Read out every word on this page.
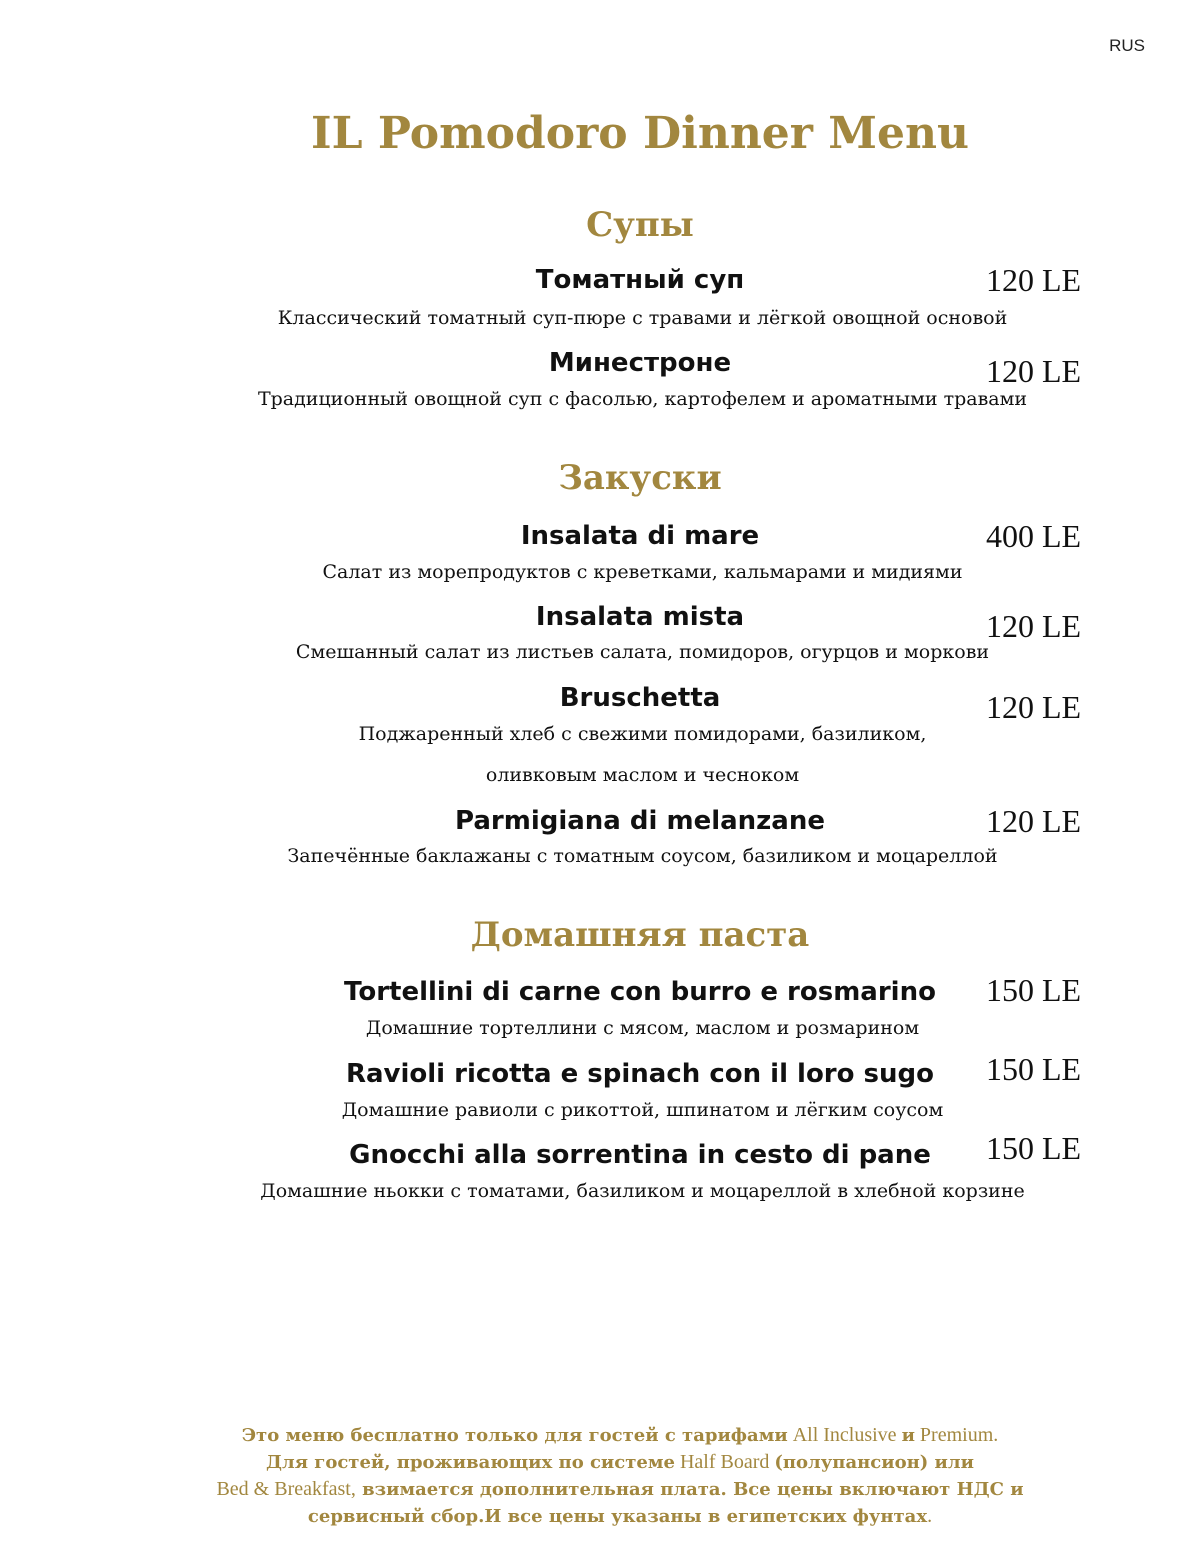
RUS
IL Pomodoro Dinner Menu
Супы
Томатный суп	120 LE
Классический томатный суп-пюре с травами и лёгкой овощной основой
Минестроне	120 LE
Традиционный овощной суп с фасолью, картофелем и ароматными травами
Закуски
Insalata di mare	400 LE
Салат из морепродуктов с креветками, кальмарами и мидиями
Insalata mista	120 LE
Смешанный салат из листьев салата, помидоров, огурцов и моркови
Bruschetta	120 LE
Поджаренный хлеб с свежими помидорами, базиликом,
оливковым маслом и чесноком
Parmigiana di melanzane	120 LE
Запечённые баклажаны с томатным соусом, базиликом и моцареллой
Домашняя паста
Tortellini di carne con burro e rosmarino	150 LE
Домашние тортеллини с мясом, маслом и розмарином
Ravioli ricotta e spinach con il loro sugo	150 LE
Домашние равиоли с рикоттой, шпинатом и лёгким соусом
Gnocchi alla sorrentina in cesto di pane	150 LE
Домашние ньокки с томатами, базиликом и моцареллой в хлебной корзине
Это меню бесплатно только для гостей с тарифами All Inclusive и Premium.
Для гостей, проживающих по системе Half Board (полупансион) или
Bed & Breakfast, взимается дополнительная плата. Все цены включают НДС и
сервисный сбор.И все цены указаны в египетских фунтах.
